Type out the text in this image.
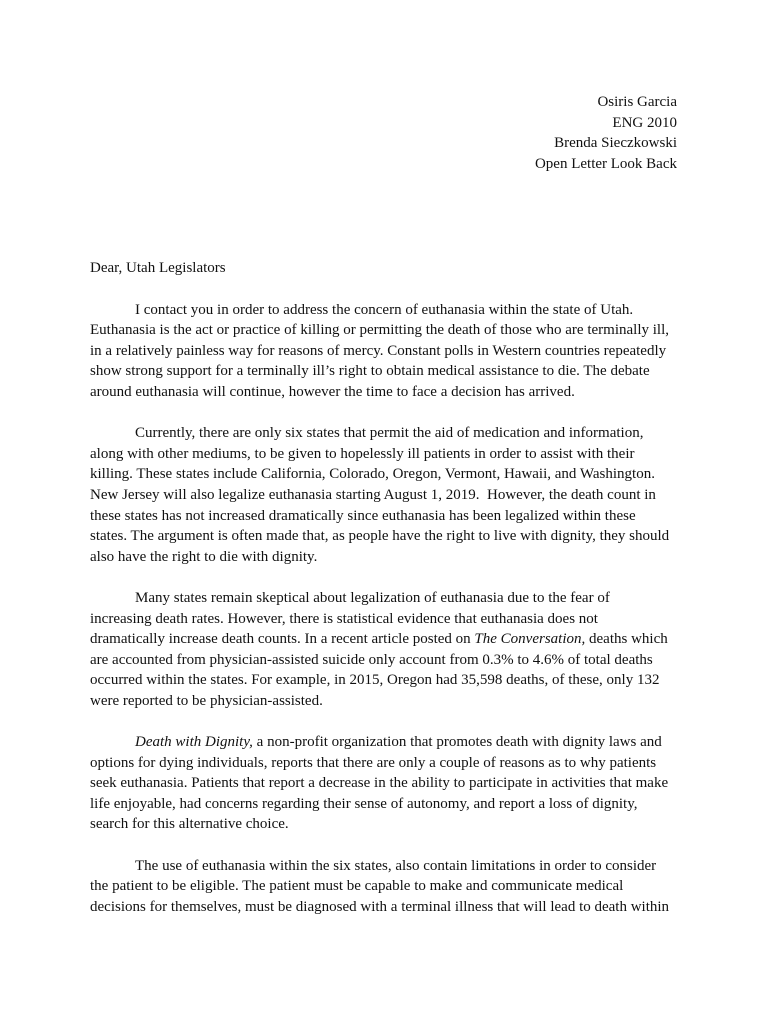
Osiris Garcia
ENG 2010
Brenda Sieczkowski
Open Letter Look Back
Dear, Utah Legislators
I contact you in order to address the concern of euthanasia within the state of Utah.
Euthanasia is the act or practice of killing or permitting the death of those who are terminally ill,
in a relatively painless way for reasons of mercy. Constant polls in Western countries repeatedly
show strong support for a terminally ill’s right to obtain medical assistance to die. The debate
around euthanasia will continue, however the time to face a decision has arrived.
Currently, there are only six states that permit the aid of medication and information,
along with other mediums, to be given to hopelessly ill patients in order to assist with their
killing. These states include California, Colorado, Oregon, Vermont, Hawaii, and Washington.
New Jersey will also legalize euthanasia starting August 1, 2019.  However, the death count in
these states has not increased dramatically since euthanasia has been legalized within these
states. The argument is often made that, as people have the right to live with dignity, they should
also have the right to die with dignity.
Many states remain skeptical about legalization of euthanasia due to the fear of
increasing death rates. However, there is statistical evidence that euthanasia does not
dramatically increase death counts. In a recent article posted on The Conversation, deaths which
are accounted from physician-assisted suicide only account from 0.3% to 4.6% of total deaths
occurred within the states. For example, in 2015, Oregon had 35,598 deaths, of these, only 132
were reported to be physician-assisted.
Death with Dignity, a non-profit organization that promotes death with dignity laws and
options for dying individuals, reports that there are only a couple of reasons as to why patients
seek euthanasia. Patients that report a decrease in the ability to participate in activities that make
life enjoyable, had concerns regarding their sense of autonomy, and report a loss of dignity,
search for this alternative choice.
The use of euthanasia within the six states, also contain limitations in order to consider
the patient to be eligible. The patient must be capable to make and communicate medical
decisions for themselves, must be diagnosed with a terminal illness that will lead to death within
